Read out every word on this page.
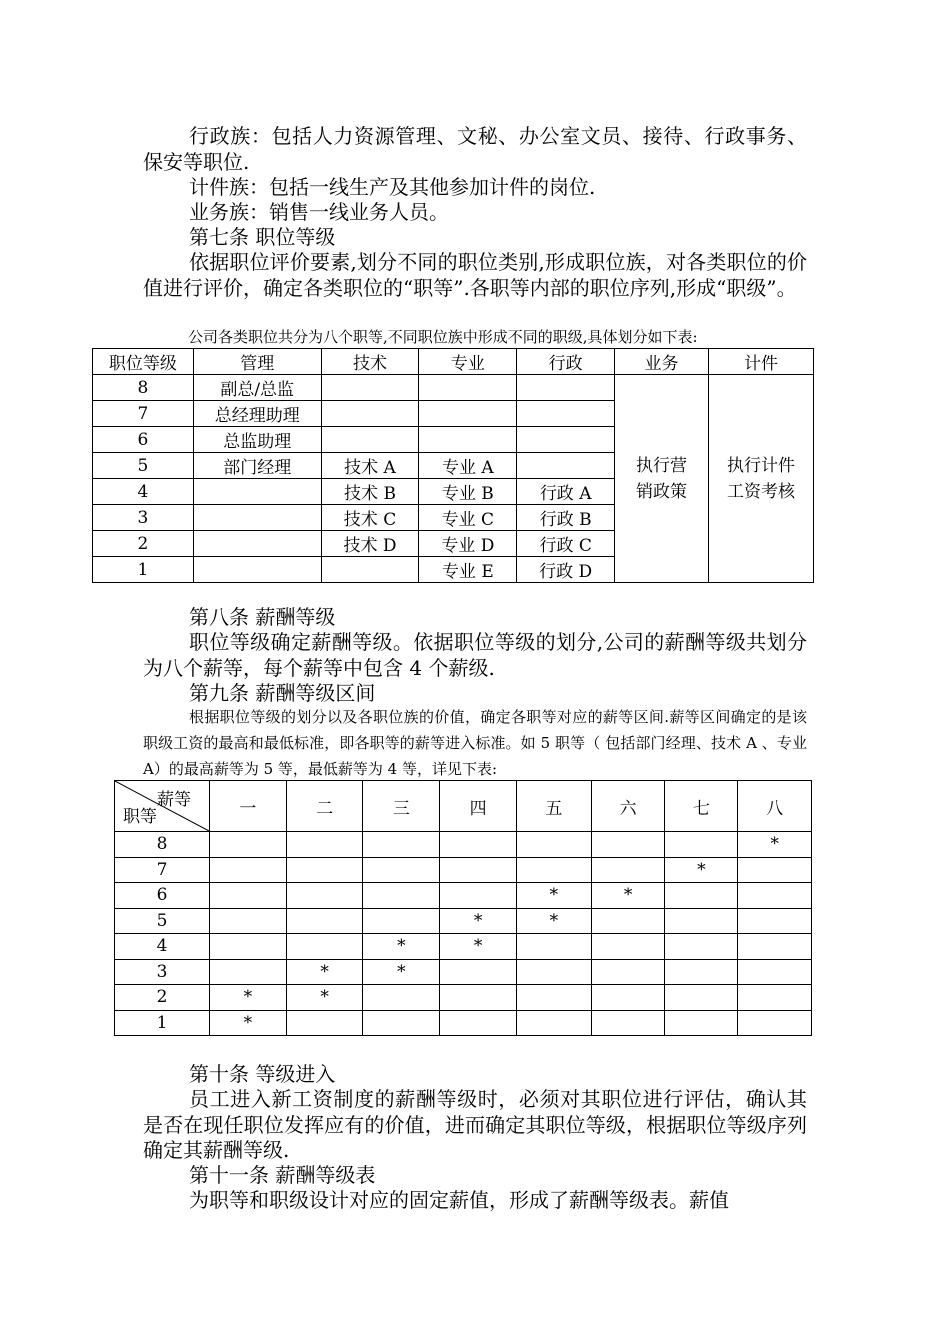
行政族：包括人力资源管理、文秘、办公室文员、接待、行政事务、保安等职位.

计件族：包括一线生产及其他参加计件的岗位.

业务族：销售一线业务人员。

第七条 职位等级

依据职位评价要素,划分不同的职位类别,形成职位族，对各类职位的价值进行评价，确定各类职位的“职等”.各职等内部的职位序列,形成“职级”。

公司各类职位共分为八个职等,不同职位族中形成不同的职级,具体划分如下表:

职位等级	管理	技术	专业	行政	业务	计件
8	副总/总监				执行营销政策	执行计件工资考核

7	总经理助理					
6	总监助理					
5	部门经理	技术 A	专业 A			
4		技术 B	专业 B	行政 A		
3		技术 C	专业 C	行政 B		
2		技术 D	专业 D	行政 C		
1			专业 E	行政 D		

第八条 薪酬等级

职位等级确定薪酬等级。依据职位等级的划分,公司的薪酬等级共划分为八个薪等，每个薪等中包含 4 个薪级.

第九条 薪酬等级区间

根据职位等级的划分以及各职位族的价值，确定各职等对应的薪等区间.薪等区间确定的是该职级工资的最高和最低标准，即各职等的薪等进入标准。如 5 职等（ 包括部门经理、技术 A 、专业 A）的最高薪等为 5 等，最低薪等为 4 等，详见下表:

薪等
职等	一	二	三	四	五	六	七	八
8								*
7							*	
6					*	*		
5				*	*			
4			*	*				
3		*	*					
2	*	*						
1	*							

第十条 等级进入

员工进入新工资制度的薪酬等级时，必须对其职位进行评估，确认其是否在现任职位发挥应有的价值，进而确定其职位等级，根据职位等级序列确定其薪酬等级.

第十一条 薪酬等级表

为职等和职级设计对应的固定薪值，形成了薪酬等级表。薪值
